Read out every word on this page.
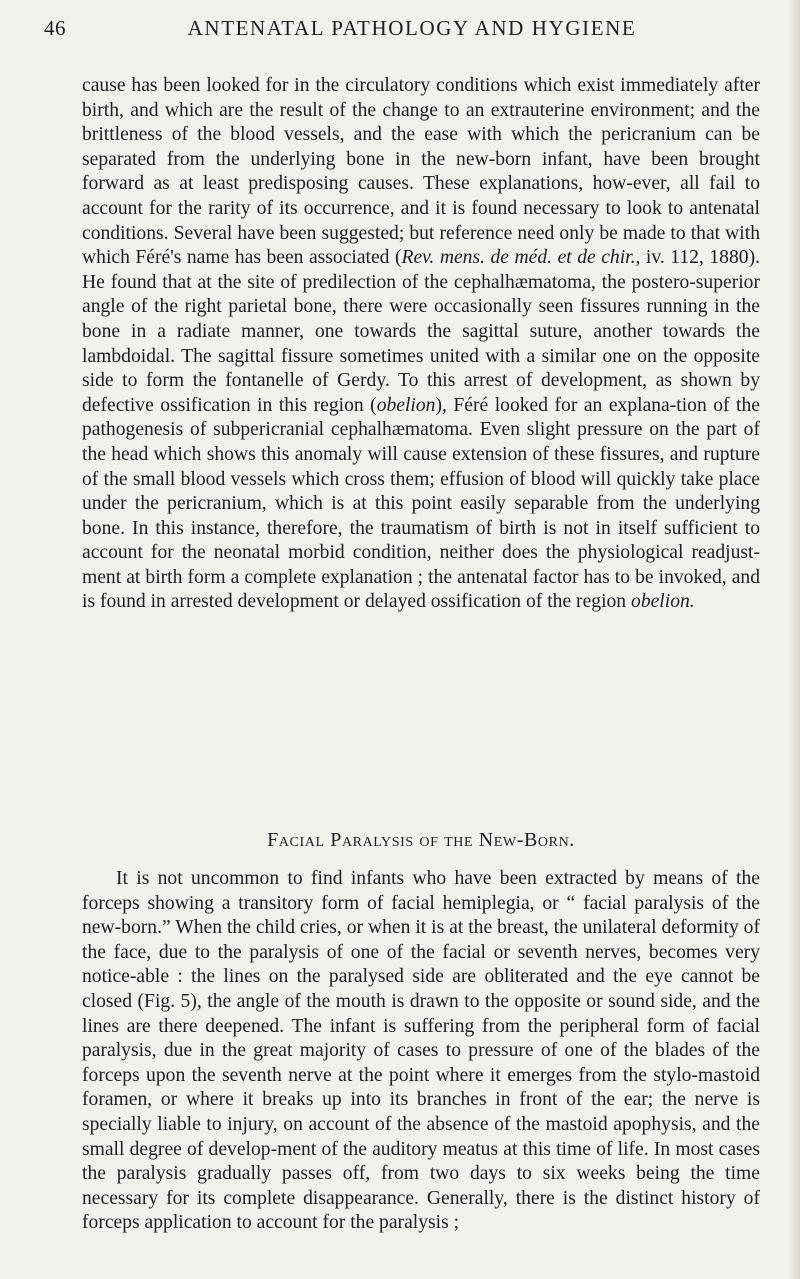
46	ANTENATAL PATHOLOGY AND HYGIENE

cause has been looked for in the circulatory conditions which exist immediately after birth, and which are the result of the change to an extrauterine environment; and the brittleness of the blood vessels, and the ease with which the pericranium can be separated from the underlying bone in the new-born infant, have been brought forward as at least predisposing causes. These explanations, how-ever, all fail to account for the rarity of its occurrence, and it is found necessary to look to antenatal conditions. Several have been suggested; but reference need only be made to that with which Féré's name has been associated (Rev. mens. de méd. et de chir., iv. 112, 1880). He found that at the site of predilection of the cephalhæmatoma, the postero-superior angle of the right parietal bone, there were occasionally seen fissures running in the bone in a radiate manner, one towards the sagittal suture, another towards the lambdoidal. The sagittal fissure sometimes united with a similar one on the opposite side to form the fontanelle of Gerdy. To this arrest of development, as shown by defective ossification in this region (obelion), Féré looked for an explana-tion of the pathogenesis of subpericranial cephalhæmatoma. Even slight pressure on the part of the head which shows this anomaly will cause extension of these fissures, and rupture of the small blood vessels which cross them; effusion of blood will quickly take place under the pericranium, which is at this point easily separable from the underlying bone. In this instance, therefore, the traumatism of birth is not in itself sufficient to account for the neonatal morbid condition, neither does the physiological readjust-ment at birth form a complete explanation ; the antenatal factor has to be invoked, and is found in arrested development or delayed ossification of the region obelion.

Facial Paralysis of the New-Born.

It is not uncommon to find infants who have been extracted by means of the forceps showing a transitory form of facial hemiplegia, or “ facial paralysis of the new-born.” When the child cries, or when it is at the breast, the unilateral deformity of the face, due to the paralysis of one of the facial or seventh nerves, becomes very notice-able : the lines on the paralysed side are obliterated and the eye cannot be closed (Fig. 5), the angle of the mouth is drawn to the opposite or sound side, and the lines are there deepened. The infant is suffering from the peripheral form of facial paralysis, due in the great majority of cases to pressure of one of the blades of the forceps upon the seventh nerve at the point where it emerges from the stylo-mastoid foramen, or where it breaks up into its branches in front of the ear; the nerve is specially liable to injury, on account of the absence of the mastoid apophysis, and the small degree of develop-ment of the auditory meatus at this time of life. In most cases the paralysis gradually passes off, from two days to six weeks being the time necessary for its complete disappearance. Generally, there is the distinct history of forceps application to account for the paralysis ;
